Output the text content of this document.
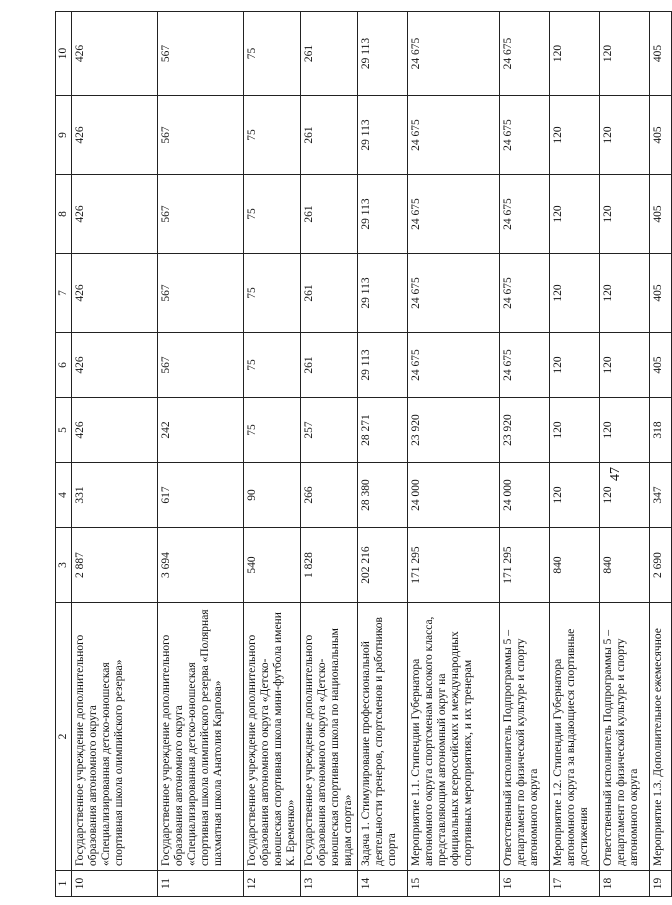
47
1	2	3	4	5	6	7	8	9	10
10	Государственное учреждение дополнительного образования автономного округа «Специализированная детско-юношеская спортивная школа олимпийского резерва»	2 887	331	426	426	426	426	426	426
11	Государственное учреждение дополнительного образования автономного округа «Специализированная детско-юношеская спортивная школа олимпийского резерва «Полярная шахматная школа Анатолия Карпова»	3 694	617	242	567	567	567	567	567
12	Государственное учреждение дополнительного образования автономного округа «Детско-юношеская спортивная школа мини-футбола имени К. Еременко»	540	90	75	75	75	75	75	75
13	Государственное учреждение дополнительного образования автономного округа «Детско-юношеская спортивная школа по национальным видам спорта»	1 828	266	257	261	261	261	261	261
14	Задача 1. Стимулирование профессиональной деятельности тренеров, спортсменов и работников спорта	202 216	28 380	28 271	29 113	29 113	29 113	29 113	29 113
15	Мероприятие 1.1. Стипендии Губернатора автономного округа спортсменам высокого класса, представляющим автономный округ на официальных всероссийских и международных спортивных мероприятиях, и их тренерам	171 295	24 000	23 920	24 675	24 675	24 675	24 675	24 675
16	Ответственный исполнитель Подпрограммы 5 – департамент по физической культуре и спорту автономного округа	171 295	24 000	23 920	24 675	24 675	24 675	24 675	24 675
17	Мероприятие 1.2. Стипендии Губернатора автономного округа за выдающиеся спортивные достижения	840	120	120	120	120	120	120	120
18	Ответственный исполнитель Подпрограммы 5 – департамент по физической культуре и спорту автономного округа	840	120	120	120	120	120	120	120
19	Мероприятие 1.3. Дополнительное ежемесячное	2 690	347	318	405	405	405	405	405
